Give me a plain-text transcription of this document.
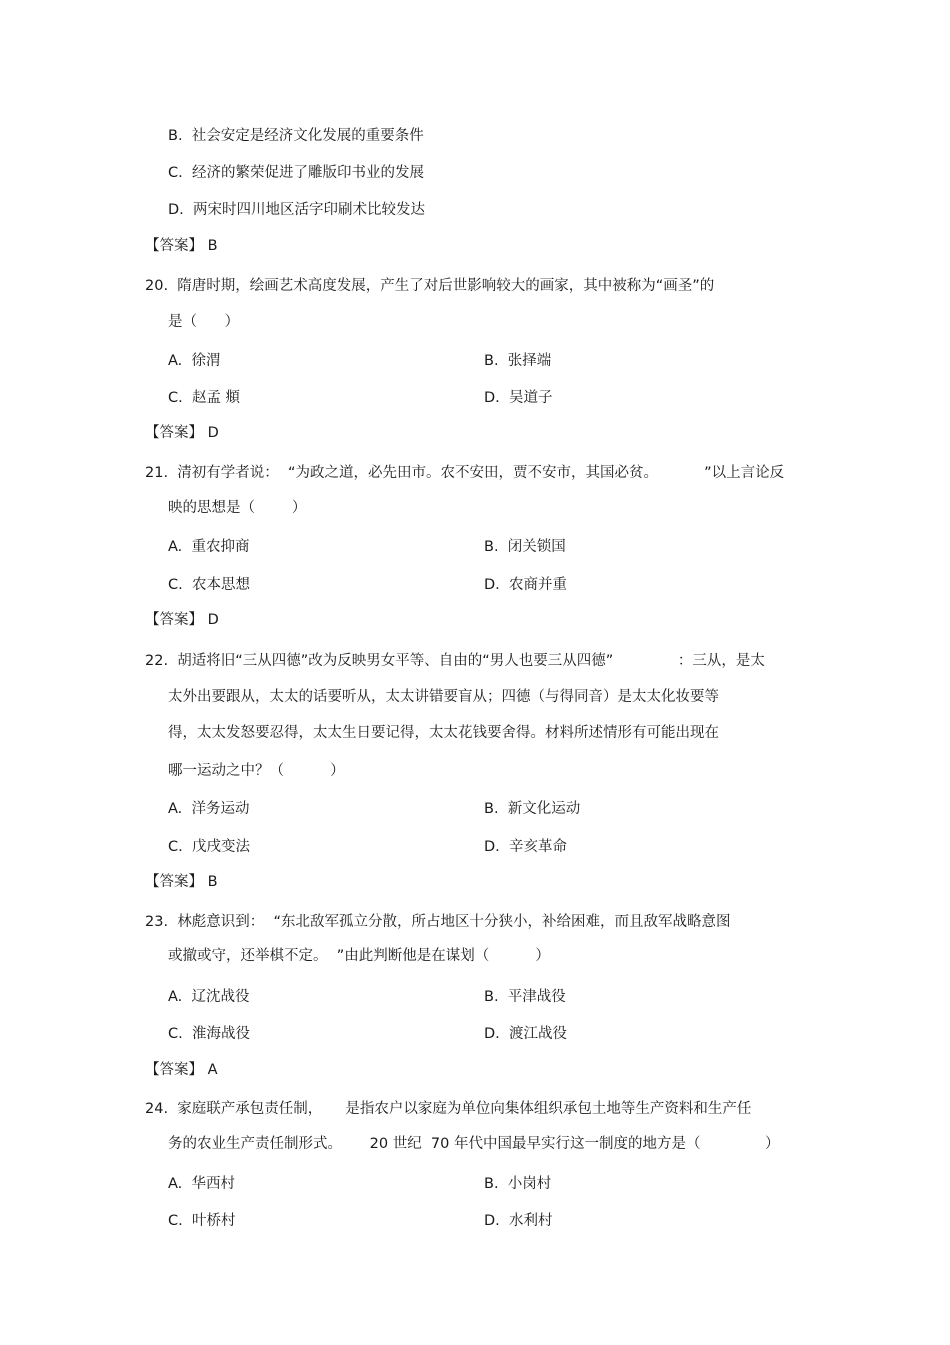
B.  社会安定是经济文化发展的重要条件
C.  经济的繁荣促进了雕版印书业的发展
D.  两宋时四川地区活字印刷术比较发达
【答案】 B
20.  隋唐时期，绘画艺术高度发展，产生了对后世影响较大的画家，其中被称为“画圣”的
是（      ）
A.  徐渭	B.  张择端
C.  赵孟 頫	D.  吴道子
【答案】 D
21.  清初有学者说：  “为政之道，必先田市。农不安田，贾不安市，其国必贫。          ”以上言论反
映的思想是（        ）
A.  重农抑商	B.  闭关锁国
C.  农本思想	D.  农商并重
【答案】 D
22.  胡适将旧“三从四德”改为反映男女平等、自由的“男人也要三从四德”              ：三从，是太
太外出要跟从，太太的话要听从，太太讲错要盲从；四德（与得同音）是太太化妆要等
得，太太发怒要忍得，太太生日要记得，太太花钱要舍得。材料所述情形有可能出现在
哪一运动之中？（          ）
A.  洋务运动	B.  新文化运动
C.  戊戌变法	D.  辛亥革命
【答案】 B
23.  林彪意识到：  “东北敌军孤立分散，所占地区十分狭小，补给困难，而且敌军战略意图
或撤或守，还举棋不定。  ”由此判断他是在谋划（          ）
A.  辽沈战役	B.  平津战役
C.  淮海战役	D.  渡江战役
【答案】 A
24.  家庭联产承包责任制，     是指农户以家庭为单位向集体组织承包土地等生产资料和生产任
务的农业生产责任制形式。      20 世纪  70 年代中国最早实行这一制度的地方是（              ）
A.  华西村	B.  小岗村
C.  叶桥村	D.  水利村
